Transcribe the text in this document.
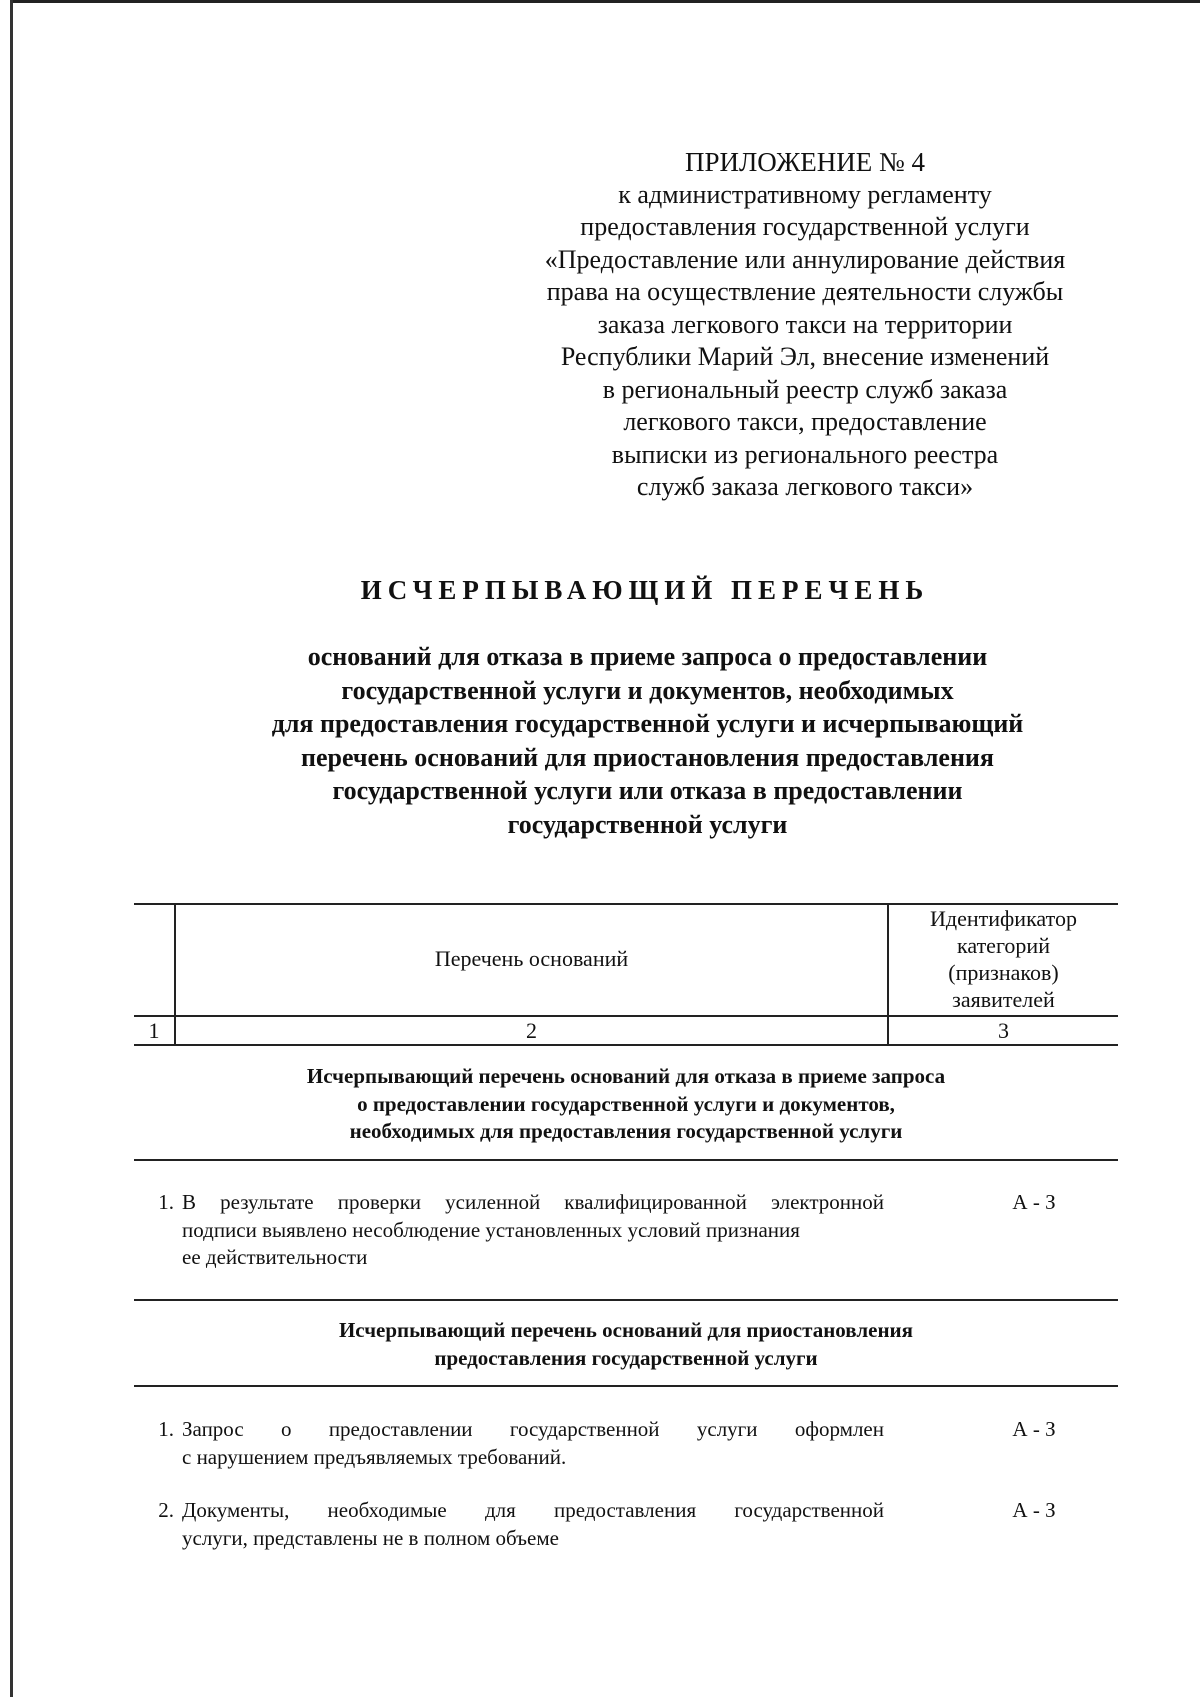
ПРИЛОЖЕНИЕ № 4
к административному регламенту
предоставления государственной услуги
«Предоставление или аннулирование действия
права на осуществление деятельности службы
заказа легкового такси на территории
Республики Марий Эл, внесение изменений
в региональный реестр служб заказа
легкового такси, предоставление
выписки из регионального реестра
служб заказа легкового такси»
ИСЧЕРПЫВАЮЩИЙ ПЕРЕЧЕНЬ
оснований для отказа в приеме запроса о предоставлении
государственной услуги и документов, необходимых
для предоставления государственной услуги и исчерпывающий
перечень оснований для приостановления предоставления
государственной услуги или отказа в предоставлении
государственной услуги
Перечень оснований
Идентификатор
категорий
(признаков)
заявителей
1	2	3
Исчерпывающий перечень оснований для отказа в приеме запроса
о предоставлении государственной услуги и документов,
необходимых для предоставления государственной услуги
1. В результате проверки усиленной квалифицированной электронной
подписи выявлено несоблюдение установленных условий признания
ее действительности
А - З
Исчерпывающий перечень оснований для приостановления
предоставления государственной услуги
1. Запрос о предоставлении государственной услуги оформлен
с нарушением предъявляемых требований.
А - З
2. Документы, необходимые для предоставления государственной
услуги, представлены не в полном объеме
А - З
